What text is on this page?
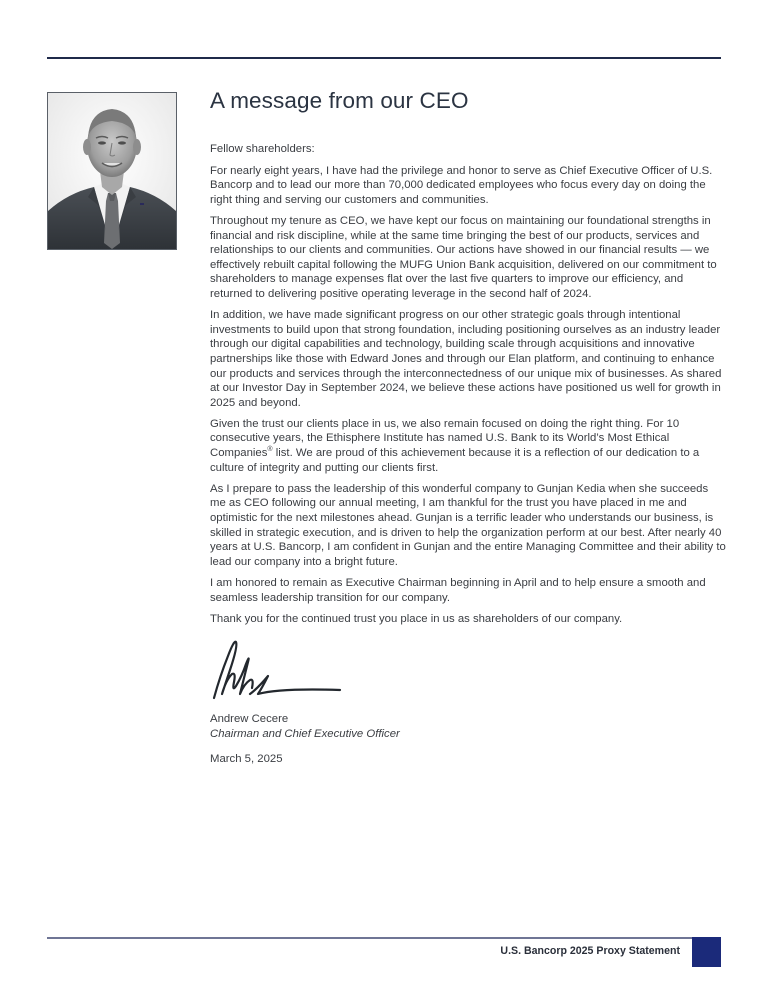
A message from our CEO

Fellow shareholders:

For nearly eight years, I have had the privilege and honor to serve as Chief Executive Officer of U.S. Bancorp and to lead our more than 70,000 dedicated employees who focus every day on doing the right thing and serving our customers and communities.

Throughout my tenure as CEO, we have kept our focus on maintaining our foundational strengths in financial and risk discipline, while at the same time bringing the best of our products, services and relationships to our clients and communities. Our actions have showed in our financial results — we effectively rebuilt capital following the MUFG Union Bank acquisition, delivered on our commitment to shareholders to manage expenses flat over the last five quarters to improve our efficiency, and returned to delivering positive operating leverage in the second half of 2024.

In addition, we have made significant progress on our other strategic goals through intentional investments to build upon that strong foundation, including positioning ourselves as an industry leader through our digital capabilities and technology, building scale through acquisitions and innovative partnerships like those with Edward Jones and through our Elan platform, and continuing to enhance our products and services through the interconnectedness of our unique mix of businesses. As shared at our Investor Day in September 2024, we believe these actions have positioned us well for growth in 2025 and beyond.

Given the trust our clients place in us, we also remain focused on doing the right thing. For 10 consecutive years, the Ethisphere Institute has named U.S. Bank to its World’s Most Ethical Companies® list. We are proud of this achievement because it is a reflection of our dedication to a culture of integrity and putting our clients first.

As I prepare to pass the leadership of this wonderful company to Gunjan Kedia when she succeeds me as CEO following our annual meeting, I am thankful for the trust you have placed in me and optimistic for the next milestones ahead. Gunjan is a terrific leader who understands our business, is skilled in strategic execution, and is driven to help the organization perform at our best. After nearly 40 years at U.S. Bancorp, I am confident in Gunjan and the entire Managing Committee and their ability to lead our company into a bright future.

I am honored to remain as Executive Chairman beginning in April and to help ensure a smooth and seamless leadership transition for our company.

Thank you for the continued trust you place in us as shareholders of our company.

Andrew Cecere
Chairman and Chief Executive Officer
March 5, 2025
U.S. Bancorp 2025 Proxy Statement
